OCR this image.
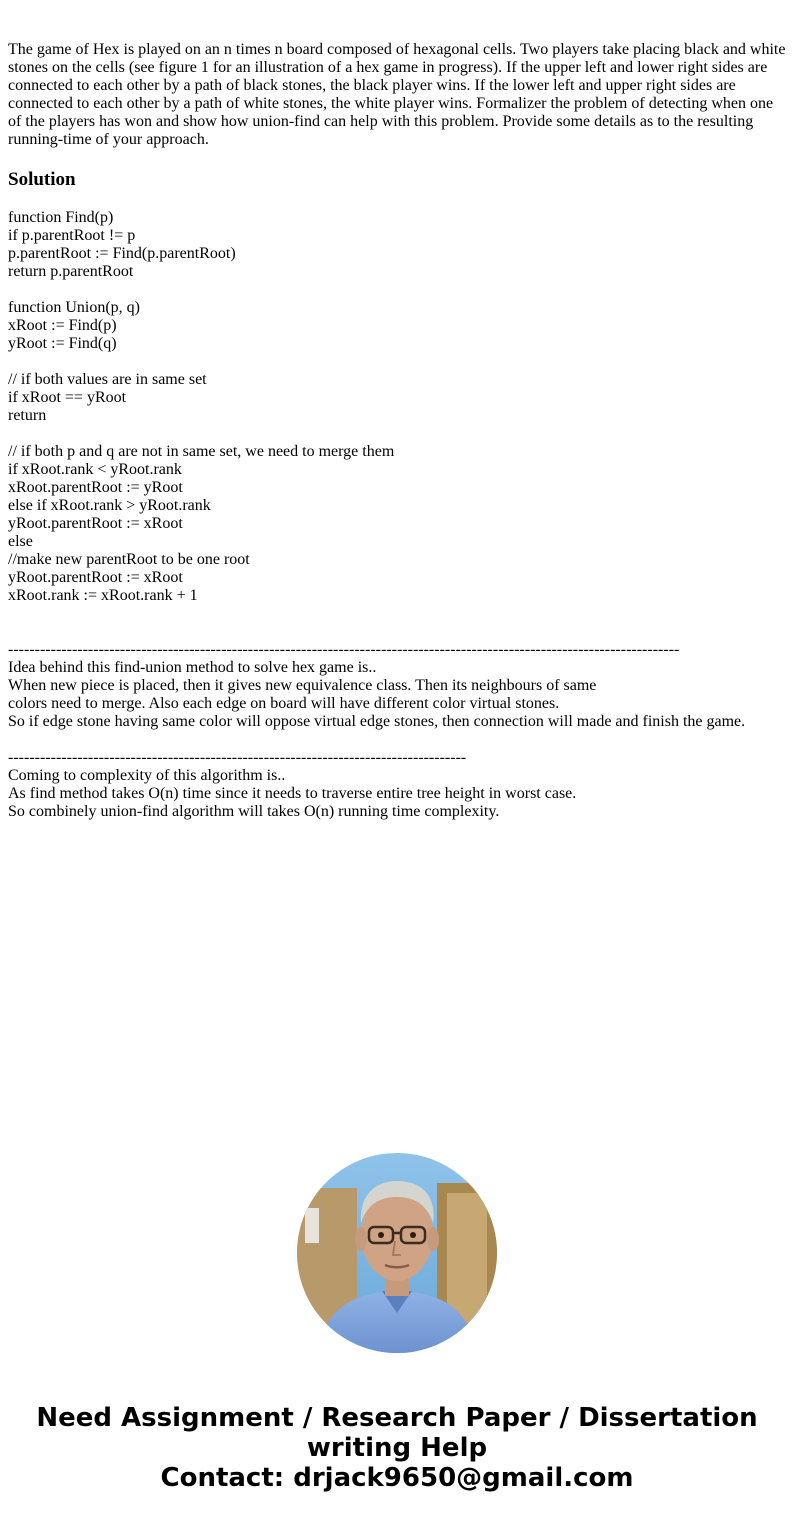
The game of Hex is played on an n times n board composed of hexagonal cells. Two players take placing black and white stones on the cells (see figure 1 for an illustration of a hex game in progress). If the upper left and lower right sides are connected to each other by a path of black stones, the black player wins. If the lower left and upper right sides are connected to each other by a path of white stones, the white player wins. Formalizer the problem of detecting when one of the players has won and show how union-find can help with this problem. Provide some details as to the resulting running-time of your approach.

Solution
function Find(p)
if p.parentRoot != p
p.parentRoot := Find(p.parentRoot)
return p.parentRoot
function Union(p, q)
xRoot := Find(p)
yRoot := Find(q)
// if both values are in same set
if xRoot == yRoot
return
// if both p and q are not in same set, we need to merge them
if xRoot.rank < yRoot.rank
xRoot.parentRoot := yRoot
else if xRoot.rank > yRoot.rank
yRoot.parentRoot := xRoot
else
//make new parentRoot to be one root
yRoot.parentRoot := xRoot
xRoot.rank := xRoot.rank + 1
------------------------------------------------------------------------------------------------------------------------------
Idea behind this find-union method to solve hex game is..
When new piece is placed, then it gives new equivalence class. Then its neighbours of same
colors need to merge. Also each edge on board will have different color virtual stones.
So if edge stone having same color will oppose virtual edge stones, then connection will made and finish the game.
--------------------------------------------------------------------------------------
Coming to complexity of this algorithm is..
As find method takes O(n) time since it needs to traverse entire tree height in worst case.
So combinely union-find algorithm will takes O(n) running time complexity.
Need Assignment / Research Paper / Dissertation
writing Help
Contact: drjack9650@gmail.com
